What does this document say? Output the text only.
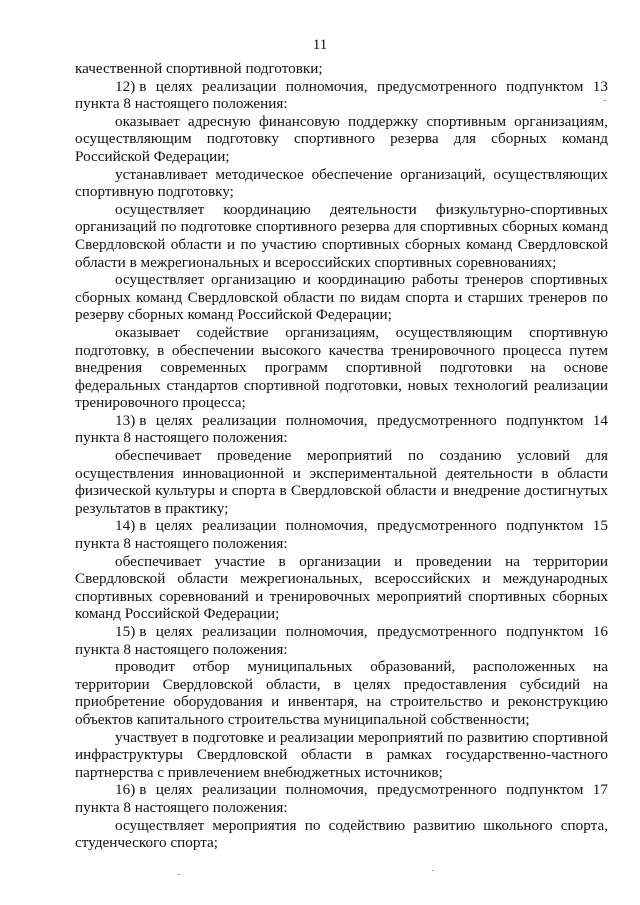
11

качественной спортивной подготовки;

12) в целях реализации полномочия, предусмотренного подпунктом 13 пункта 8 настоящего положения:

оказывает адресную финансовую поддержку спортивным организациям, осуществляющим подготовку спортивного резерва для сборных команд Российской Федерации;

устанавливает методическое обеспечение организаций, осуществляющих спортивную подготовку;

осуществляет координацию деятельности физкультурно-спортивных организаций по подготовке спортивного резерва для спортивных сборных команд Свердловской области и по участию спортивных сборных команд Свердловской области в межрегиональных и всероссийских спортивных соревнованиях;

осуществляет организацию и координацию работы тренеров спортивных сборных команд Свердловской области по видам спорта и старших тренеров по резерву сборных команд Российской Федерации;

оказывает содействие организациям, осуществляющим спортивную подготовку, в обеспечении высокого качества тренировочного процесса путем внедрения современных программ спортивной подготовки на основе федеральных стандартов спортивной подготовки, новых технологий реализации тренировочного процесса;

13) в целях реализации полномочия, предусмотренного подпунктом 14 пункта 8 настоящего положения:

обеспечивает проведение мероприятий по созданию условий для осуществления инновационной и экспериментальной деятельности в области физической культуры и спорта в Свердловской области и внедрение достигнутых результатов в практику;

14) в целях реализации полномочия, предусмотренного подпунктом 15 пункта 8 настоящего положения:

обеспечивает участие в организации и проведении на территории Свердловской области межрегиональных, всероссийских и международных спортивных соревнований и тренировочных мероприятий спортивных сборных команд Российской Федерации;

15) в целях реализации полномочия, предусмотренного подпунктом 16 пункта 8 настоящего положения:

проводит отбор муниципальных образований, расположенных на территории Свердловской области, в целях предоставления субсидий на приобретение оборудования и инвентаря, на строительство и реконструкцию объектов капитального строительства муниципальной собственности;

участвует в подготовке и реализации мероприятий по развитию спортивной инфраструктуры Свердловской области в рамках государственно-частного партнерства с привлечением внебюджетных источников;

16) в целях реализации полномочия, предусмотренного подпунктом 17 пункта 8 настоящего положения:

осуществляет мероприятия по содействию развитию школьного спорта, студенческого спорта;
